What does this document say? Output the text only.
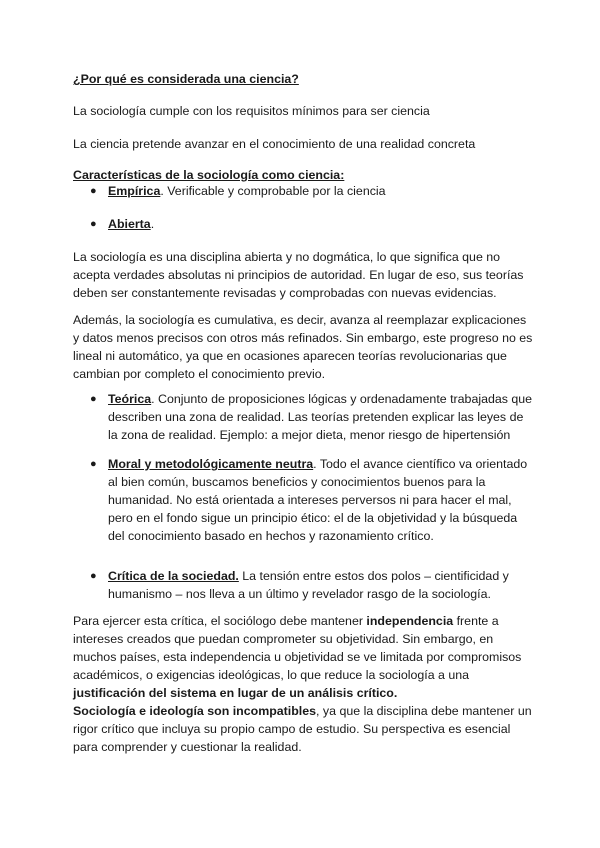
¿Por qué es considerada una ciencia?

La sociología cumple con los requisitos mínimos para ser ciencia

La ciencia pretende avanzar en el conocimiento de una realidad concreta

Características de la sociología como ciencia:

● Empírica. Verificable y comprobable por la ciencia

● Abierta.

La sociología es una disciplina abierta y no dogmática, lo que significa que no acepta verdades absolutas ni principios de autoridad. En lugar de eso, sus teorías deben ser constantemente revisadas y comprobadas con nuevas evidencias.

Además, la sociología es cumulativa, es decir, avanza al reemplazar explicaciones y datos menos precisos con otros más refinados. Sin embargo, este progreso no es lineal ni automático, ya que en ocasiones aparecen teorías revolucionarias que cambian por completo el conocimiento previo.

● Teórica. Conjunto de proposiciones lógicas y ordenadamente trabajadas que describen una zona de realidad. Las teorías pretenden explicar las leyes de la zona de realidad. Ejemplo: a mejor dieta, menor riesgo de hipertensión

● Moral y metodológicamente neutra. Todo el avance científico va orientado al bien común, buscamos beneficios y conocimientos buenos para la humanidad. No está orientada a intereses perversos ni para hacer el mal, pero en el fondo sigue un principio ético: el de la objetividad y la búsqueda del conocimiento basado en hechos y razonamiento crítico.

● Crítica de la sociedad. La tensión entre estos dos polos – cientificidad y humanismo – nos lleva a un último y revelador rasgo de la sociología.

Para ejercer esta crítica, el sociólogo debe mantener independencia frente a intereses creados que puedan comprometer su objetividad. Sin embargo, en muchos países, esta independencia u objetividad se ve limitada por compromisos académicos, o exigencias ideológicas, lo que reduce la sociología a una justificación del sistema en lugar de un análisis crítico.

Sociología e ideología son incompatibles, ya que la disciplina debe mantener un rigor crítico que incluya su propio campo de estudio. Su perspectiva es esencial para comprender y cuestionar la realidad.
